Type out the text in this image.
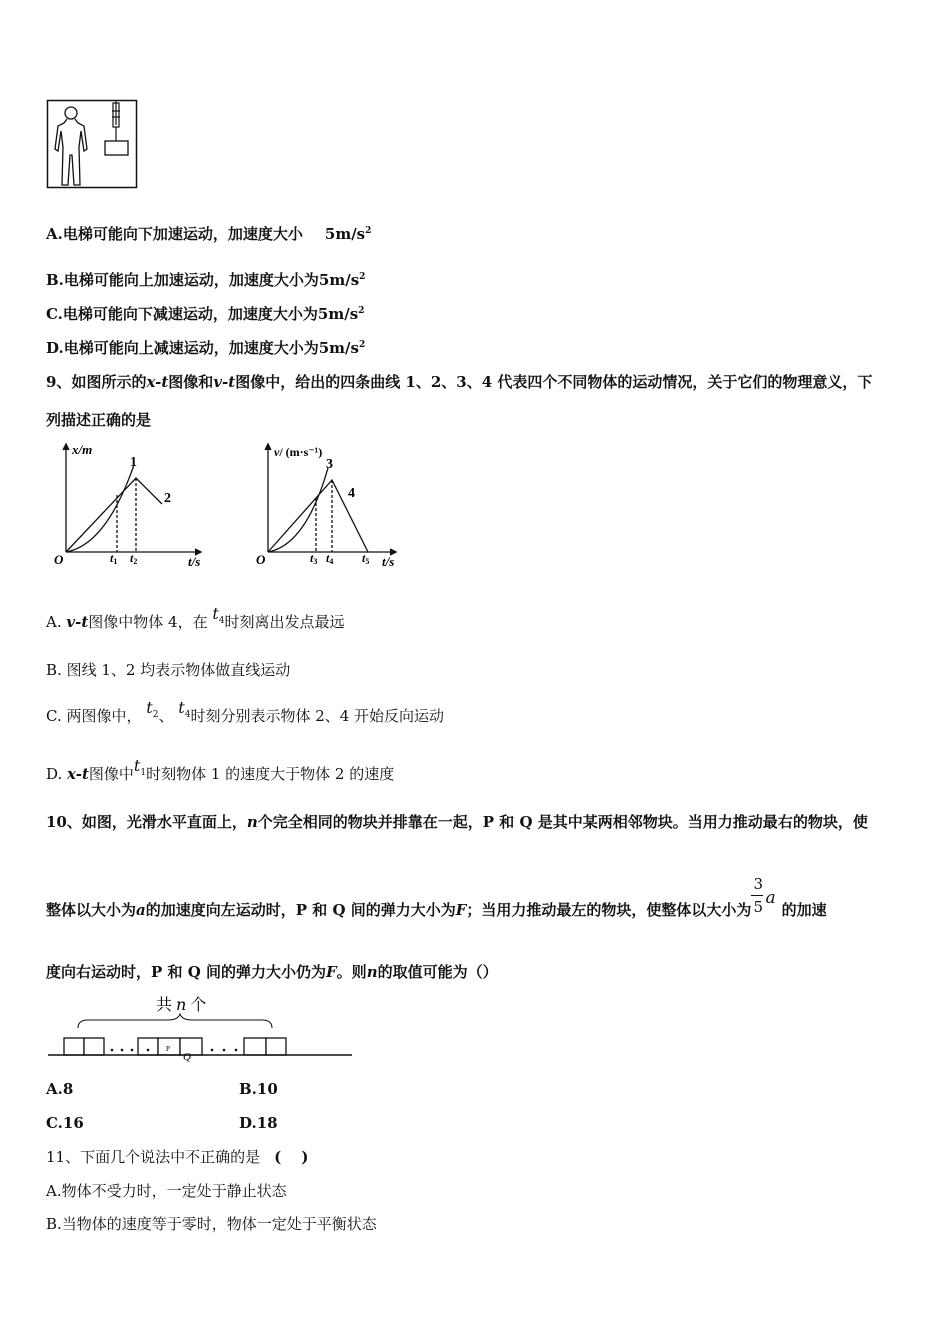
A.电梯可能向下加速运动，加速度大小 $5m/s^2$
B.电梯可能向上加速运动，加速度大小为$5m/s^2$
C.电梯可能向下减速运动，加速度大小为$5m/s^2$
D.电梯可能向上减速运动，加速度大小为$5m/s^2$
9、如图所示的x-t图像和v-t图像中，给出的四条曲线 1、2、3、4 代表四个不同物体的运动情况，关于它们的物理意义，下
列描述正确的是
x/m
O
1
2
t1 t2	t/s
v/ (m·s⁻¹)
O
3
4
t3 t4 t5 t/s
A. v-t图像中物体 4，在 $t_4$时刻离出发点最远
B. 图线 1、2 均表示物体做直线运动
C. 两图像中， $t_2$、 $t_4$时刻分别表示物体 2、4 开始反向运动
D. x-t图像中$t_1$时刻物体 1 的速度大于物体 2 的速度
10、如图，光滑水平直面上，n个完全相同的物块并排靠在一起，P 和 Q 是其中某两相邻物块。当用力推动最右的物块，使
整体以大小为a的加速度向左运动时，P 和 Q 间的弹力大小为F；当用力推动最左的物块，使整体以大小为 $\frac{3}{5}$
a的加速
度向右运动时，P 和 Q 间的弹力大小仍为F。则n的取值可能为（）
共 n 个
P
Q
A.8	B.10
C.16	D.18
11、下面几个说法中不正确的是 (　 )
A.物体不受力时，一定处于静止状态
B.当物体的速度等于零时，物体一定处于平衡状态
